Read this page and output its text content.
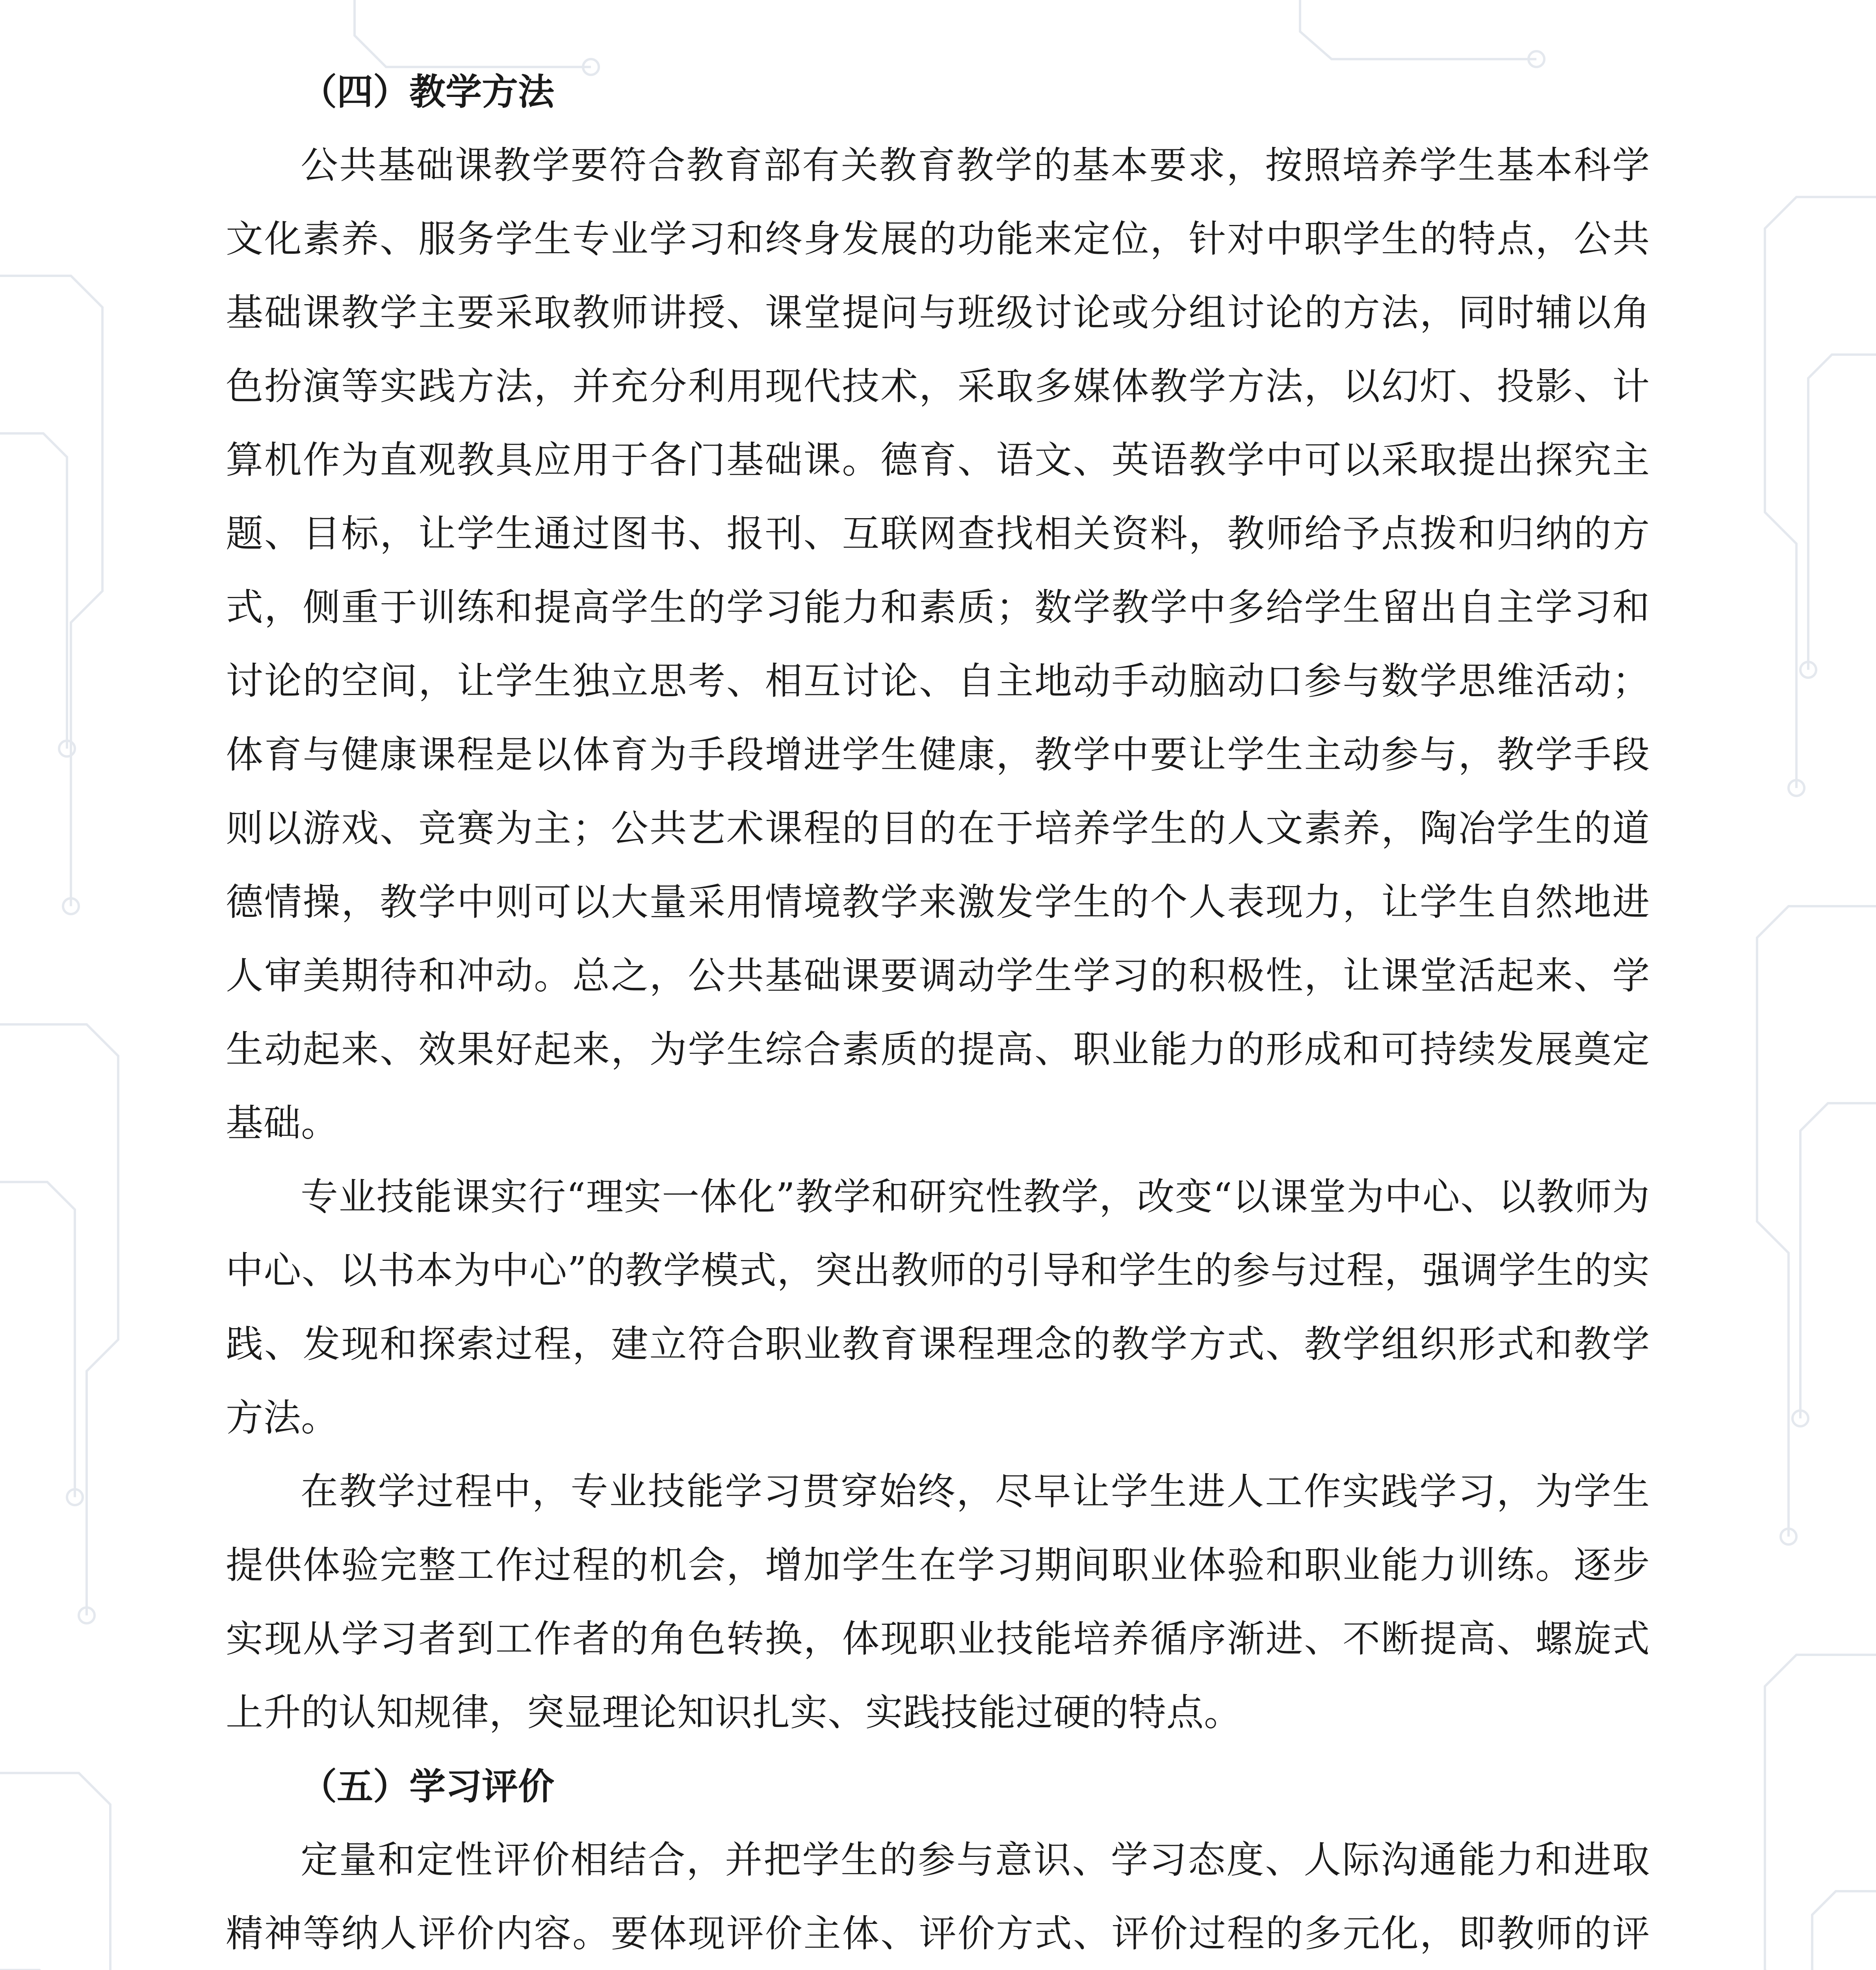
（四）教学方法

公共基础课教学要符合教育部有关教育教学的基本要求，按照培养学生基本科学文化素养、服务学生专业学习和终身发展的功能来定位，针对中职学生的特点，公共基础课教学主要采取教师讲授、课堂提问与班级讨论或分组讨论的方法，同时辅以角色扮演等实践方法，并充分利用现代技术，采取多媒体教学方法，以幻灯、投影、计算机作为直观教具应用于各门基础课。德育、语文、英语教学中可以采取提出探究主题、目标，让学生通过图书、报刊、互联网查找相关资料，教师给予点拨和归纳的方式，侧重于训练和提高学生的学习能力和素质；数学教学中多给学生留出自主学习和讨论的空间，让学生独立思考、相互讨论、自主地动手动脑动口参与数学思维活动；体育与健康课程是以体育为手段增进学生健康，教学中要让学生主动参与，教学手段则以游戏、竞赛为主；公共艺术课程的目的在于培养学生的人文素养，陶冶学生的道德情操，教学中则可以大量采用情境教学来激发学生的个人表现力，让学生自然地进人审美期待和冲动。总之，公共基础课要调动学生学习的积极性，让课堂活起来、学生动起来、效果好起来，为学生综合素质的提高、职业能力的形成和可持续发展奠定基础。

专业技能课实行“理实一体化”教学和研究性教学，改变“以课堂为中心、以教师为中心、以书本为中心”的教学模式，突出教师的引导和学生的参与过程，强调学生的实践、发现和探索过程，建立符合职业教育课程理念的教学方式、教学组织形式和教学方法。

在教学过程中，专业技能学习贯穿始终，尽早让学生进人工作实践学习，为学生提供体验完整工作过程的机会，增加学生在学习期间职业体验和职业能力训练。逐步实现从学习者到工作者的角色转换，体现职业技能培养循序渐进、不断提高、螺旋式上升的认知规律，突显理论知识扎实、实践技能过硬的特点。

（五）学习评价

定量和定性评价相结合，并把学生的参与意识、学习态度、人际沟通能力和进取精神等纳人评价内容。要体现评价主体、评价方式、评价过程的多元化，即教师的评
